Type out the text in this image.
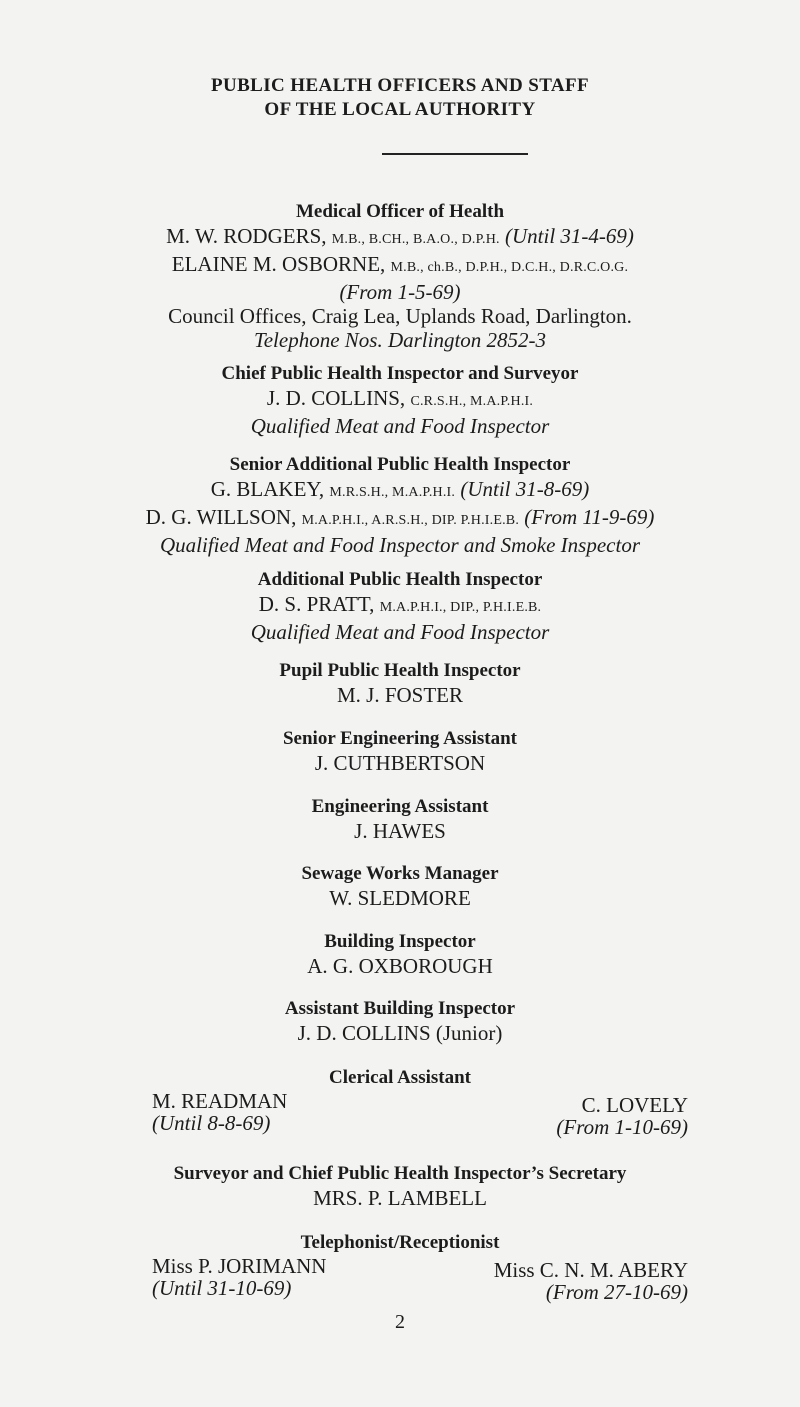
PUBLIC HEALTH OFFICERS AND STAFF
OF THE LOCAL AUTHORITY
Medical Officer of Health
M. W. RODGERS, M.B., B.CH., B.A.O., D.P.H. (Until 31-4-69)
ELAINE M. OSBORNE, M.B., ch.B., D.P.H., D.C.H., D.R.C.O.G.
(From 1-5-69)
Council Offices, Craig Lea, Uplands Road, Darlington.
Telephone Nos. Darlington 2852-3
Chief Public Health Inspector and Surveyor
J. D. COLLINS, C.R.S.H., M.A.P.H.I.
Qualified Meat and Food Inspector
Senior Additional Public Health Inspector
G. BLAKEY, M.R.S.H., M.A.P.H.I. (Until 31-8-69)
D. G. WILLSON, M.A.P.H.I., A.R.S.H., DIP. P.H.I.E.B. (From 11-9-69)
Qualified Meat and Food Inspector and Smoke Inspector
Additional Public Health Inspector
D. S. PRATT, M.A.P.H.I., DIP., P.H.I.E.B.
Qualified Meat and Food Inspector
Pupil Public Health Inspector
M. J. FOSTER
Senior Engineering Assistant
J. CUTHBERTSON
Engineering Assistant
J. HAWES
Sewage Works Manager
W. SLEDMORE
Building Inspector
A. G. OXBOROUGH
Assistant Building Inspector
J. D. COLLINS (Junior)
Clerical Assistant
M. READMAN
(Until 8-8-69)
C. LOVELY
(From 1-10-69)
Surveyor and Chief Public Health Inspector’s Secretary
MRS. P. LAMBELL
Telephonist/Receptionist
Miss P. JORIMANN
(Until 31-10-69)
Miss C. N. M. ABERY
(From 27-10-69)
2
